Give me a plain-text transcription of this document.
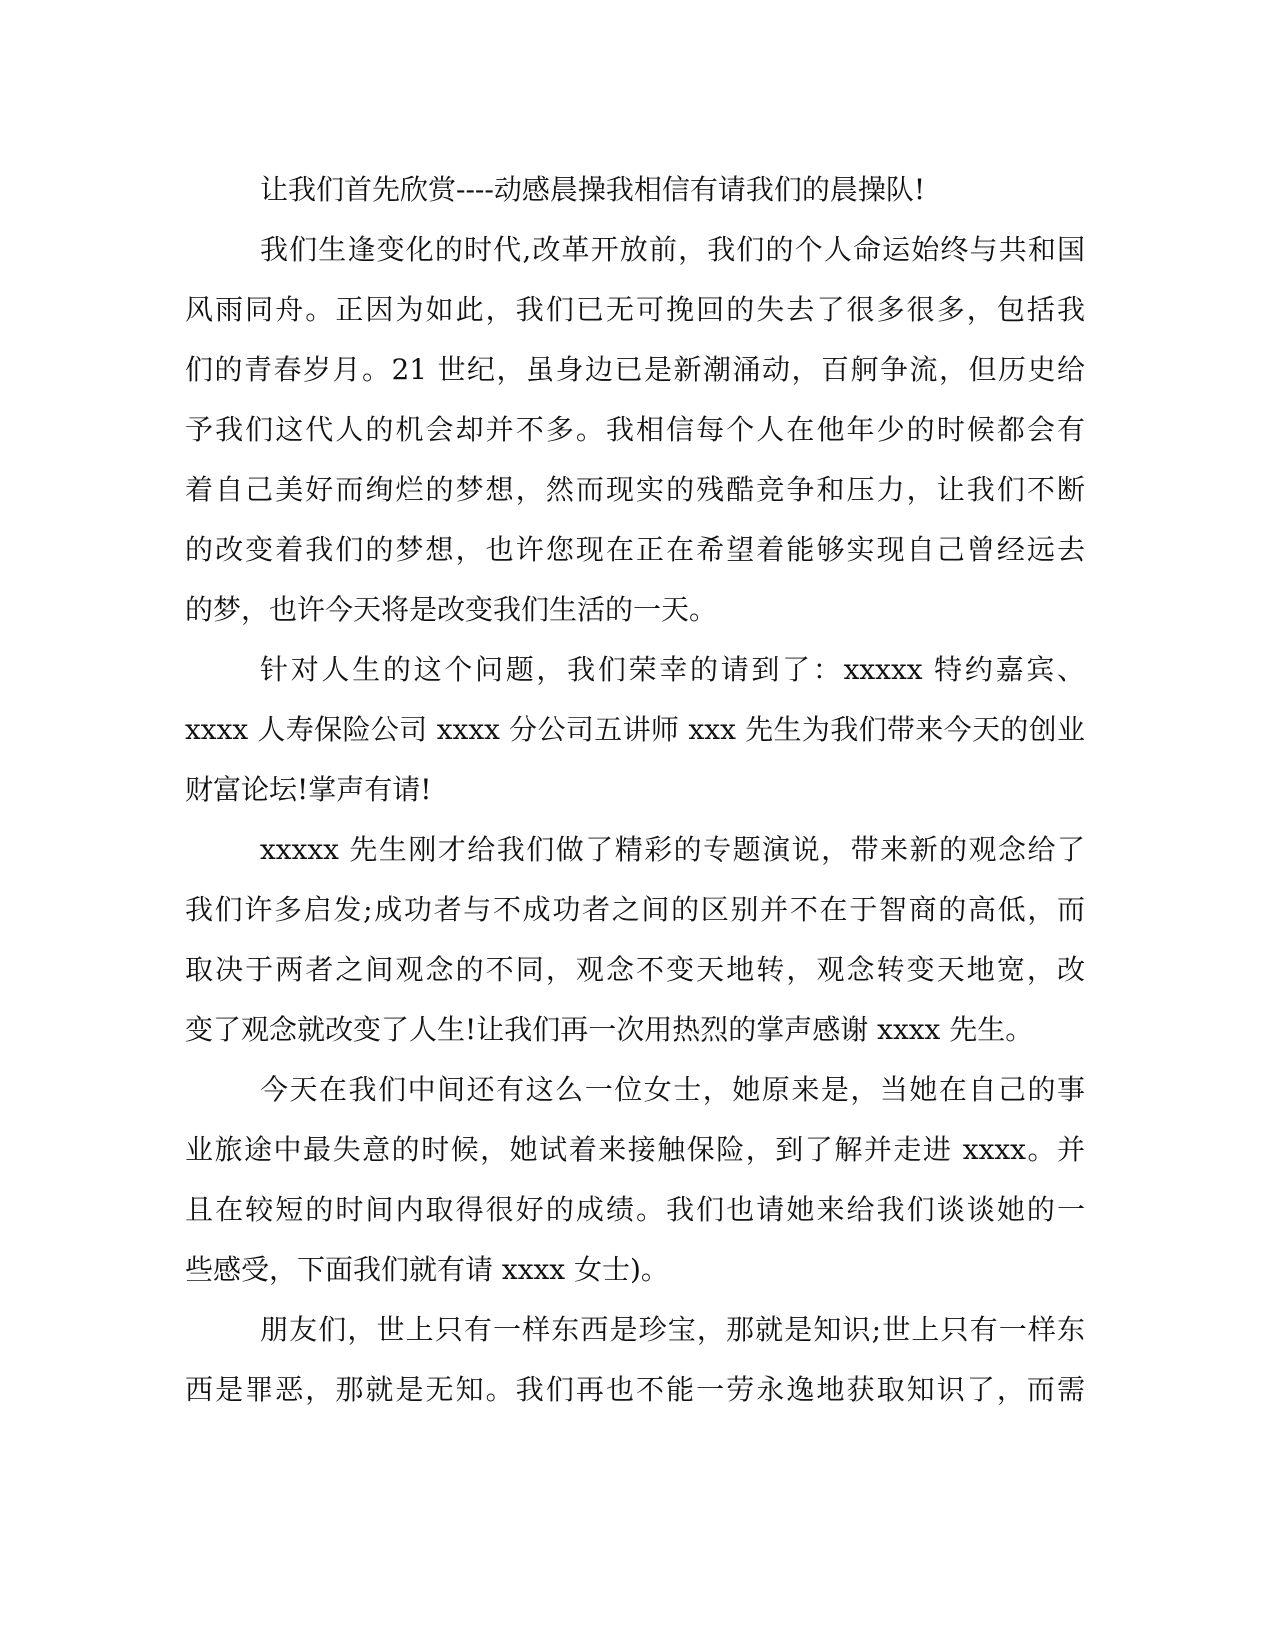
让我们首先欣赏----动感晨操我相信有请我们的晨操队!
我们生逢变化的时代,改革开放前，我们的个人命运始终与共和国
风雨同舟。正因为如此，我们已无可挽回的失去了很多很多，包括我
们的青春岁月。21 世纪，虽身边已是新潮涌动，百舸争流，但历史给
予我们这代人的机会却并不多。我相信每个人在他年少的时候都会有
着自己美好而绚烂的梦想，然而现实的残酷竞争和压力，让我们不断
的改变着我们的梦想，也许您现在正在希望着能够实现自己曾经远去
的梦，也许今天将是改变我们生活的一天。
针对人生的这个问题，我们荣幸的请到了：xxxxx 特约嘉宾、
xxxx 人寿保险公司 xxxx 分公司五讲师 xxx 先生为我们带来今天的创业
财富论坛!掌声有请!
xxxxx 先生刚才给我们做了精彩的专题演说，带来新的观念给了
我们许多启发;成功者与不成功者之间的区别并不在于智商的高低，而
取决于两者之间观念的不同，观念不变天地转，观念转变天地宽，改
变了观念就改变了人生!让我们再一次用热烈的掌声感谢 xxxx 先生。
今天在我们中间还有这么一位女士，她原来是，当她在自己的事
业旅途中最失意的时候，她试着来接触保险，到了解并走进 xxxx。并
且在较短的时间内取得很好的成绩。我们也请她来给我们谈谈她的一
些感受，下面我们就有请 xxxx 女士)。
朋友们，世上只有一样东西是珍宝，那就是知识;世上只有一样东
西是罪恶，那就是无知。我们再也不能一劳永逸地获取知识了，而需
